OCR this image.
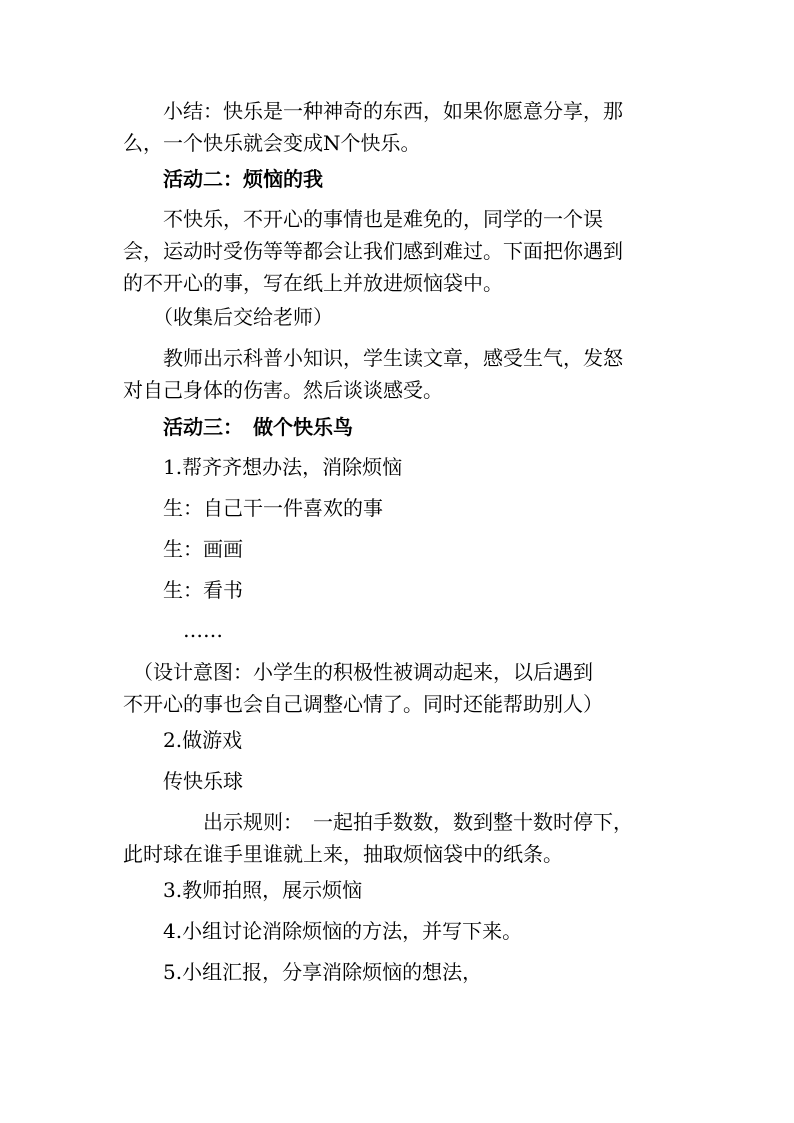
　　小结：快乐是一种神奇的东西，如果你愿意分享，那
么，一个快乐就会变成N个快乐。

　　活动二：烦恼的我

　　不快乐，不开心的事情也是难免的，同学的一个误
会，运动时受伤等等都会让我们感到难过。下面把你遇到
的不开心的事，写在纸上并放进烦恼袋中。

　　（收集后交给老师）

　　教师出示科普小知识，学生读文章，感受生气，发怒
对自己身体的伤害。然后谈谈感受。

　　活动三：　做个快乐鸟

　　1.帮齐齐想办法，消除烦恼

　　生：自己干一件喜欢的事

　　生：画画

　　生：看书

　　　……

　（设计意图：小学生的积极性被调动起来，以后遇到
不开心的事也会自己调整心情了。同时还能帮助别人）

　　2.做游戏

　　传快乐球

　　　　出示规则：　一起拍手数数，数到整十数时停下，
此时球在谁手里谁就上来，抽取烦恼袋中的纸条。

　　3.教师拍照，展示烦恼

　　4.小组讨论消除烦恼的方法，并写下来。

　　5.小组汇报，分享消除烦恼的想法，
